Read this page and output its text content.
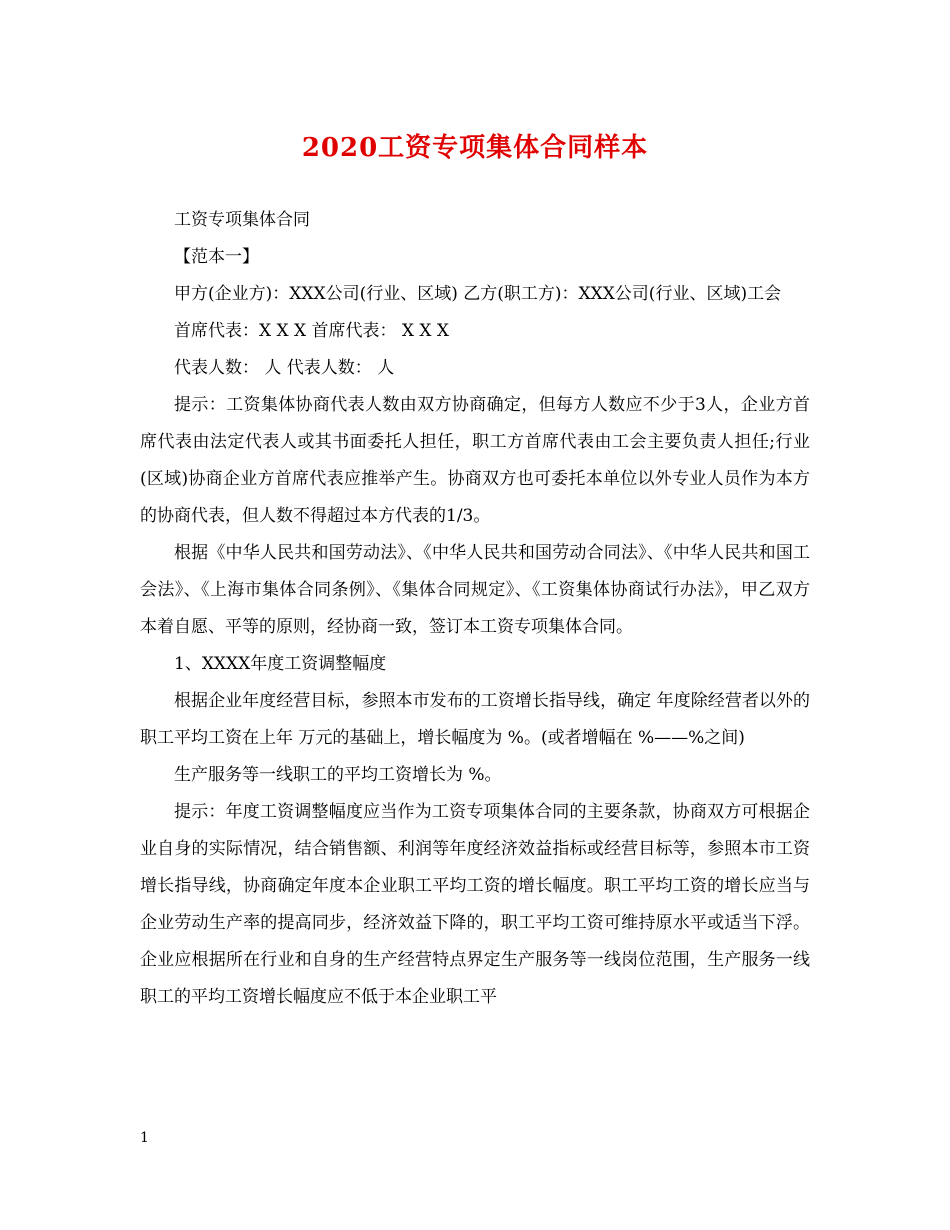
2020工资专项集体合同样本

工资专项集体合同

【范本一】

甲方(企业方)：XXX公司(行业、区域) 乙方(职工方)：XXX公司(行业、区域)工会

首席代表：X X X 首席代表： X X X

代表人数： 人 代表人数： 人

提示：工资集体协商代表人数由双方协商确定，但每方人数应不少于3人，企业方首席代表由法定代表人或其书面委托人担任，职工方首席代表由工会主要负责人担任;行业(区域)协商企业方首席代表应推举产生。协商双方也可委托本单位以外专业人员作为本方的协商代表，但人数不得超过本方代表的1/3。

根据《中华人民共和国劳动法》、《中华人民共和国劳动合同法》、《中华人民共和国工会法》、《上海市集体合同条例》、《集体合同规定》、《工资集体协商试行办法》，甲乙双方本着自愿、平等的原则，经协商一致，签订本工资专项集体合同。

1、XXXX年度工资调整幅度

根据企业年度经营目标，参照本市发布的工资增长指导线，确定 年度除经营者以外的职工平均工资在上年 万元的基础上，增长幅度为 %。(或者增幅在 %——%之间)

生产服务等一线职工的平均工资增长为 %。

提示：年度工资调整幅度应当作为工资专项集体合同的主要条款，协商双方可根据企业自身的实际情况，结合销售额、利润等年度经济效益指标或经营目标等，参照本市工资增长指导线，协商确定年度本企业职工平均工资的增长幅度。职工平均工资的增长应当与企业劳动生产率的提高同步，经济效益下降的，职工平均工资可维持原水平或适当下浮。企业应根据所在行业和自身的生产经营特点界定生产服务等一线岗位范围，生产服务一线职工的平均工资增长幅度应不低于本企业职工平

1
